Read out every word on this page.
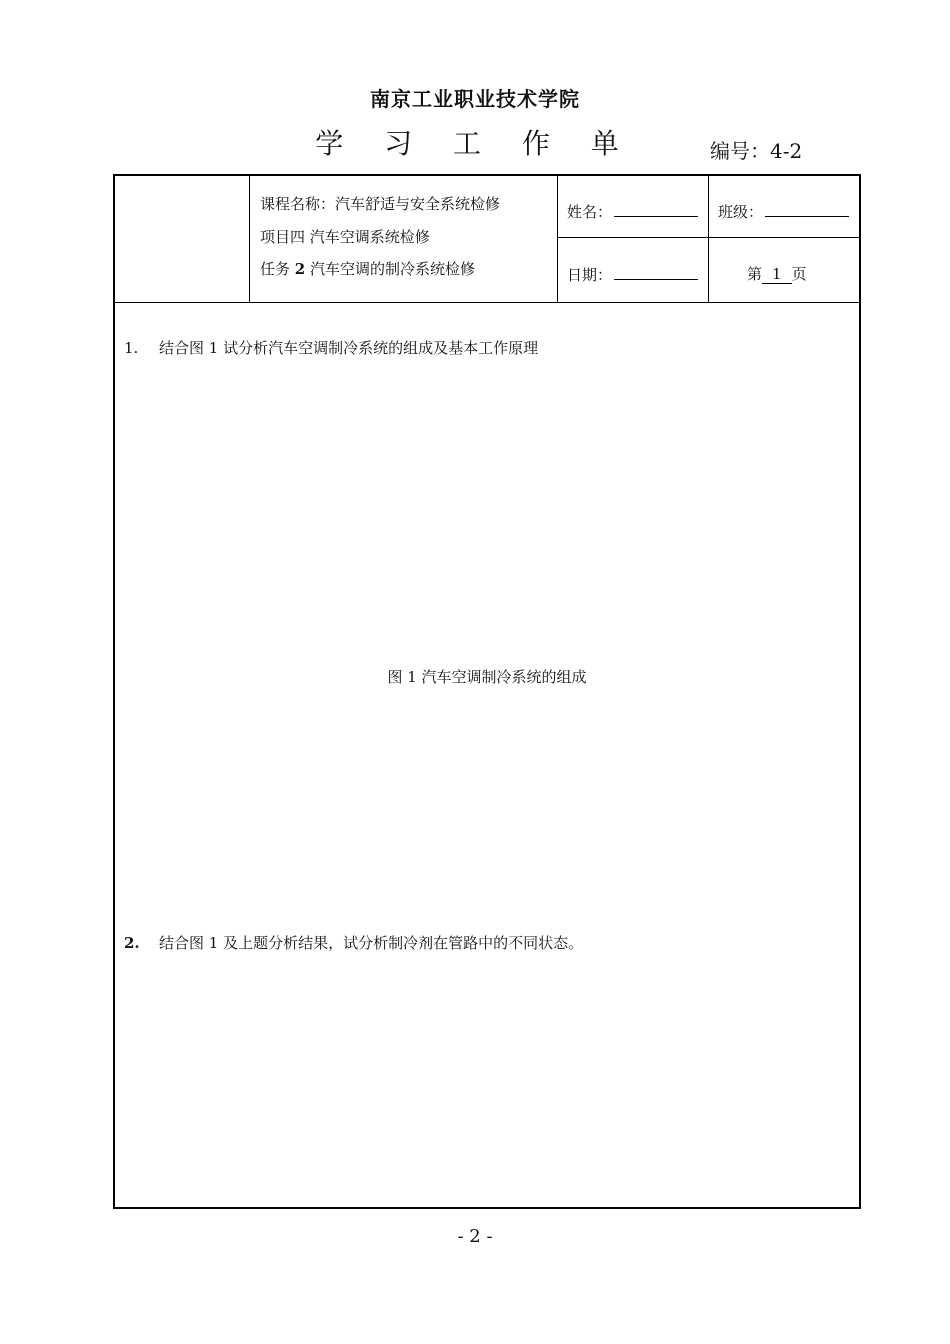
南京工业职业技术学院
学 习 工 作 单	编号：4-2
课程名称：汽车舒适与安全系统检修
项目四 汽车空调系统检修
任务 2 汽车空调的制冷系统检修
姓名：	班级：
日期：	第 1 页
1. 结合图 1 试分析汽车空调制冷系统的组成及基本工作原理
图 1 汽车空调制冷系统的组成
2. 结合图 1 及上题分析结果，试分析制冷剂在管路中的不同状态。
- 2 -
